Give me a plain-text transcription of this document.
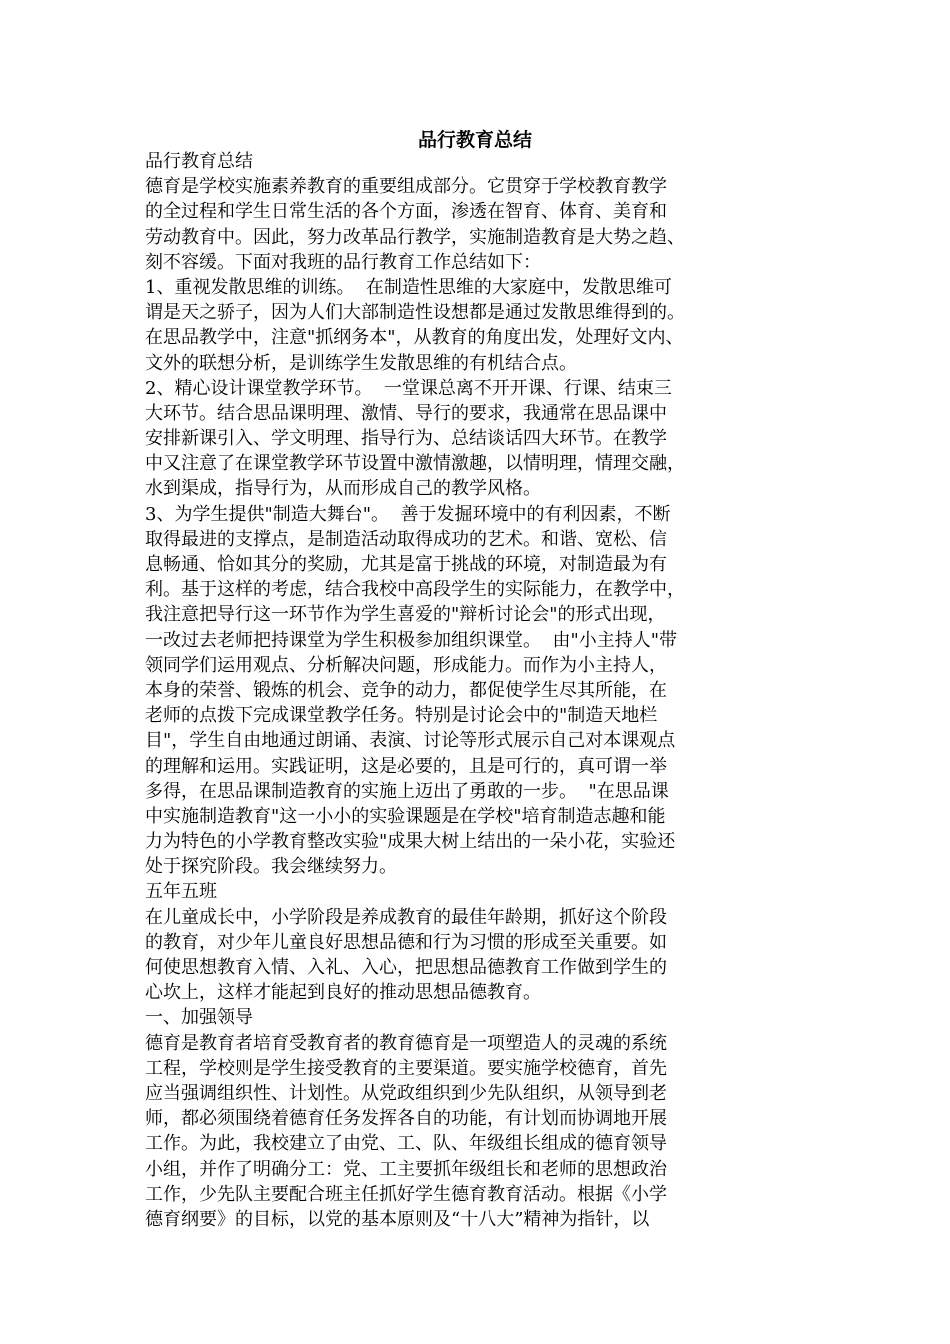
品行教育总结
品行教育总结
德育是学校实施素养教育的重要组成部分。它贯穿于学校教育教学
的全过程和学生日常生活的各个方面，渗透在智育、体育、美育和
劳动教育中。因此，努力改革品行教学，实施制造教育是大势之趋、
刻不容缓。下面对我班的品行教育工作总结如下：
1、重视发散思维的训练。  在制造性思维的大家庭中，发散思维可
谓是天之骄子，因为人们大部制造性设想都是通过发散思维得到的。
在思品教学中，注意"抓纲务本"，从教育的角度出发，处理好文内、
文外的联想分析，是训练学生发散思维的有机结合点。
2、精心设计课堂教学环节。  一堂课总离不开开课、行课、结束三
大环节。结合思品课明理、激情、导行的要求，我通常在思品课中
安排新课引入、学文明理、指导行为、总结谈话四大环节。在教学
中又注意了在课堂教学环节设置中激情激趣，以情明理，情理交融，
水到渠成，指导行为，从而形成自己的教学风格。
3、为学生提供"制造大舞台"。  善于发掘环境中的有利因素，不断
取得最进的支撑点，是制造活动取得成功的艺术。和谐、宽松、信
息畅通、恰如其分的奖励，尤其是富于挑战的环境，对制造最为有
利。基于这样的考虑，结合我校中高段学生的实际能力，在教学中，
我注意把导行这一环节作为学生喜爱的"辩析讨论会"的形式出现，
一改过去老师把持课堂为学生积极参加组织课堂。  由"小主持人"带
领同学们运用观点、分析解决问题，形成能力。而作为小主持人，
本身的荣誉、锻炼的机会、竞争的动力，都促使学生尽其所能，在
老师的点拨下完成课堂教学任务。特别是讨论会中的"制造天地栏
目"，学生自由地通过朗诵、表演、讨论等形式展示自己对本课观点
的理解和运用。实践证明，这是必要的，且是可行的，真可谓一举
多得，在思品课制造教育的实施上迈出了勇敢的一步。  "在思品课
中实施制造教育"这一小小的实验课题是在学校"培育制造志趣和能
力为特色的小学教育整改实验"成果大树上结出的一朵小花，实验还
处于探究阶段。我会继续努力。
五年五班
在儿童成长中，小学阶段是养成教育的最佳年龄期，抓好这个阶段
的教育，对少年儿童良好思想品德和行为习惯的形成至关重要。如
何使思想教育入情、入礼、入心，把思想品德教育工作做到学生的
心坎上，这样才能起到良好的推动思想品德教育。
一、加强领导
德育是教育者培育受教育者的教育德育是一项塑造人的灵魂的系统
工程，学校则是学生接受教育的主要渠道。要实施学校德育，首先
应当强调组织性、计划性。从党政组织到少先队组织，从领导到老
师，都必须围绕着德育任务发挥各自的功能，有计划而协调地开展
工作。为此，我校建立了由党、工、队、年级组长组成的德育领导
小组，并作了明确分工：党、工主要抓年级组长和老师的思想政治
工作，少先队主要配合班主任抓好学生德育教育活动。根据《小学
德育纲要》的目标，以党的基本原则及“十八大”精神为指针，以
